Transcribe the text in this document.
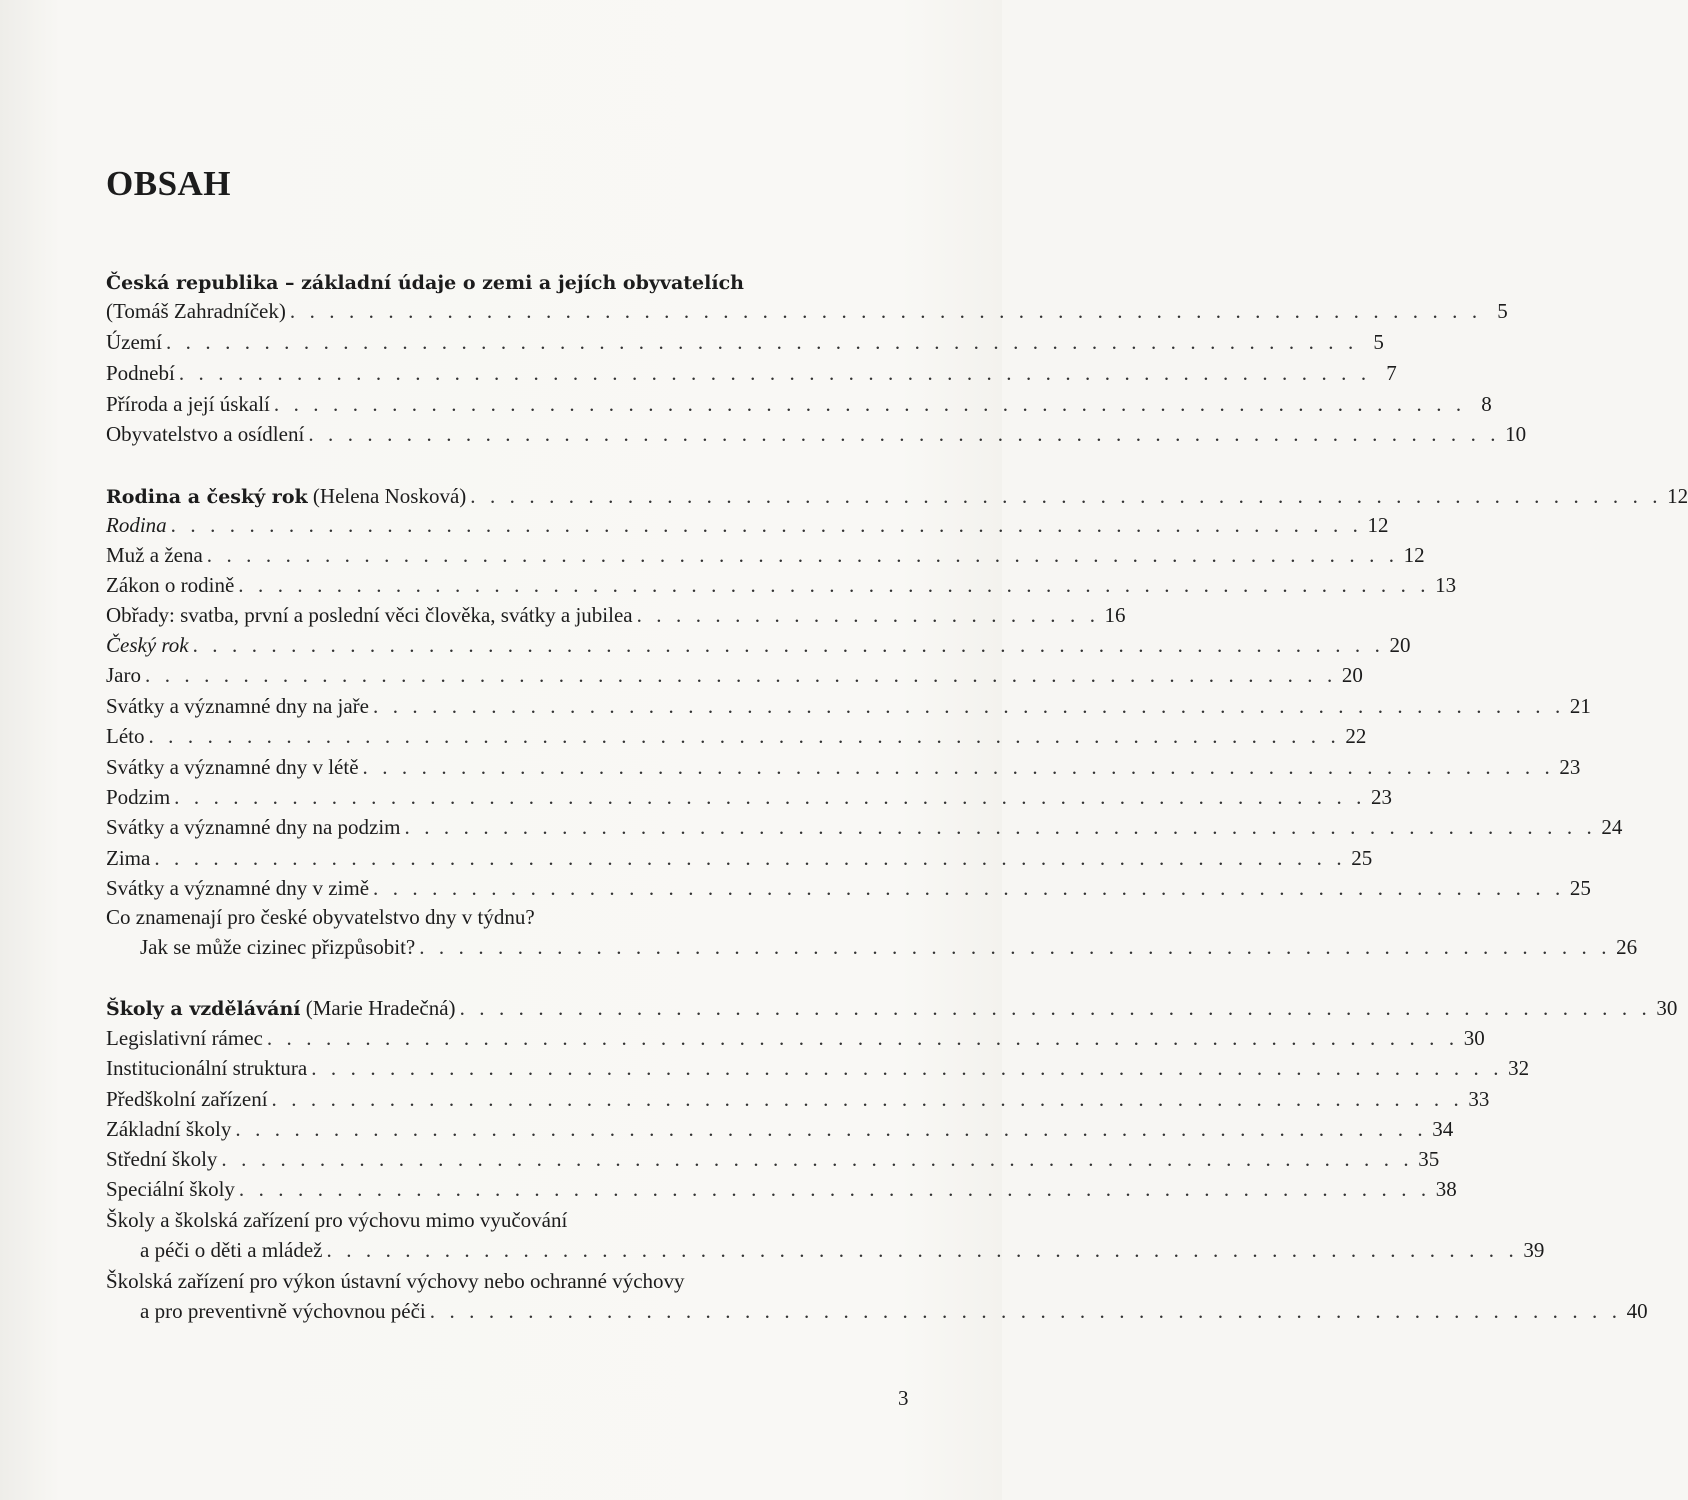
OBSAH
Česká republika – základní údaje o zemi a jejích obyvatelích
(Tomáš Zahradníček) . . . . . . . . . . . . . . . . . . . . . . . . . . . . . . . . . . . . . . . . . . . . . . . . . . . . . . . . . . . . . 5
Území . . . . . . . . . . . . . . . . . . . . . . . . . . . . . . . . . . . . . . . . . . . . . . . . . . . . . . . . . . . . . 5
Podnebí . . . . . . . . . . . . . . . . . . . . . . . . . . . . . . . . . . . . . . . . . . . . . . . . . . . . . . . . . . . . . 7
Příroda a její úskalí . . . . . . . . . . . . . . . . . . . . . . . . . . . . . . . . . . . . . . . . . . . . . . . . . . . . . . . . . . . . . 8
Obyvatelstvo a osídlení . . . . . . . . . . . . . . . . . . . . . . . . . . . . . . . . . . . . . . . . . . . . . . . . . . . . . . . . . . . . . 10
Rodina a český rok (Helena Nosková) . . . . . . . . . . . . . . . . . . . . . . . . . . . . . . . . . . . . . . . . . . . . . . . . . . . . . . . . . . . . . 12
Rodina . . . . . . . . . . . . . . . . . . . . . . . . . . . . . . . . . . . . . . . . . . . . . . . . . . . . . . . . . . . . . 12
Muž a žena . . . . . . . . . . . . . . . . . . . . . . . . . . . . . . . . . . . . . . . . . . . . . . . . . . . . . . . . . . . . . 12
Zákon o rodině . . . . . . . . . . . . . . . . . . . . . . . . . . . . . . . . . . . . . . . . . . . . . . . . . . . . . . . . . . . . . 13
Obřady: svatba, první a poslední věci člověka, svátky a jubilea . . . . . . . . . . . . . . . . . . . . . . . . 16
Český rok . . . . . . . . . . . . . . . . . . . . . . . . . . . . . . . . . . . . . . . . . . . . . . . . . . . . . . . . . . . . . 20
Jaro . . . . . . . . . . . . . . . . . . . . . . . . . . . . . . . . . . . . . . . . . . . . . . . . . . . . . . . . . . . . . 20
Svátky a významné dny na jaře . . . . . . . . . . . . . . . . . . . . . . . . . . . . . . . . . . . . . . . . . . . . . . . . . . . . . . . . . . . . . 21
Léto . . . . . . . . . . . . . . . . . . . . . . . . . . . . . . . . . . . . . . . . . . . . . . . . . . . . . . . . . . . . . 22
Svátky a významné dny v létě . . . . . . . . . . . . . . . . . . . . . . . . . . . . . . . . . . . . . . . . . . . . . . . . . . . . . . . . . . . . . 23
Podzim . . . . . . . . . . . . . . . . . . . . . . . . . . . . . . . . . . . . . . . . . . . . . . . . . . . . . . . . . . . . . 23
Svátky a významné dny na podzim . . . . . . . . . . . . . . . . . . . . . . . . . . . . . . . . . . . . . . . . . . . . . . . . . . . . . . . . . . . . . 24
Zima . . . . . . . . . . . . . . . . . . . . . . . . . . . . . . . . . . . . . . . . . . . . . . . . . . . . . . . . . . . . . 25
Svátky a významné dny v zimě . . . . . . . . . . . . . . . . . . . . . . . . . . . . . . . . . . . . . . . . . . . . . . . . . . . . . . . . . . . . . 25
Co znamenají pro české obyvatelstvo dny v týdnu?
Jak se může cizinec přizpůsobit? . . . . . . . . . . . . . . . . . . . . . . . . . . . . . . . . . . . . . . . . . . . . . . . . . . . . . . . . . . . . . 26
Školy a vzdělávání (Marie Hradečná) . . . . . . . . . . . . . . . . . . . . . . . . . . . . . . . . . . . . . . . . . . . . . . . . . . . . . . . . . . . . . 30
Legislativní rámec . . . . . . . . . . . . . . . . . . . . . . . . . . . . . . . . . . . . . . . . . . . . . . . . . . . . . . . . . . . . . 30
Institucionální struktura . . . . . . . . . . . . . . . . . . . . . . . . . . . . . . . . . . . . . . . . . . . . . . . . . . . . . . . . . . . . . 32
Předškolní zařízení . . . . . . . . . . . . . . . . . . . . . . . . . . . . . . . . . . . . . . . . . . . . . . . . . . . . . . . . . . . . . 33
Základní školy . . . . . . . . . . . . . . . . . . . . . . . . . . . . . . . . . . . . . . . . . . . . . . . . . . . . . . . . . . . . . 34
Střední školy . . . . . . . . . . . . . . . . . . . . . . . . . . . . . . . . . . . . . . . . . . . . . . . . . . . . . . . . . . . . . 35
Speciální školy . . . . . . . . . . . . . . . . . . . . . . . . . . . . . . . . . . . . . . . . . . . . . . . . . . . . . . . . . . . . . 38
Školy a školská zařízení pro výchovu mimo vyučování
a péči o děti a mládež . . . . . . . . . . . . . . . . . . . . . . . . . . . . . . . . . . . . . . . . . . . . . . . . . . . . . . . . . . . . . 39
Školská zařízení pro výkon ústavní výchovy nebo ochranné výchovy
a pro preventivně výchovnou péči . . . . . . . . . . . . . . . . . . . . . . . . . . . . . . . . . . . . . . . . . . . . . . . . . . . . . . . . . . . . . 40
3
